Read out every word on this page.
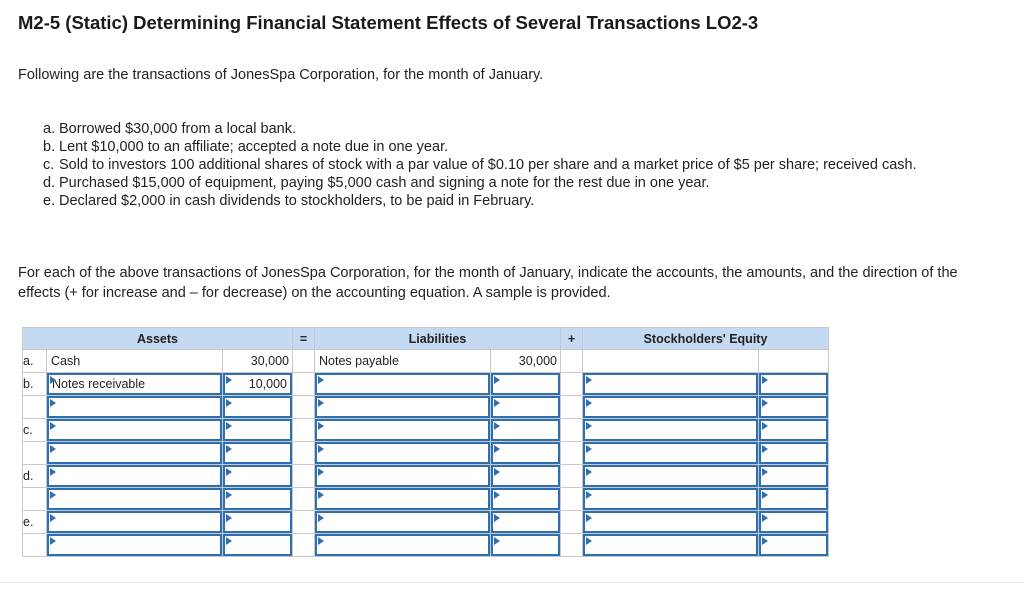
M2-5 (Static) Determining Financial Statement Effects of Several Transactions LO2-3

Following are the transactions of JonesSpa Corporation, for the month of January.

a. Borrowed $30,000 from a local bank.
b. Lent $10,000 to an affiliate; accepted a note due in one year.
c. Sold to investors 100 additional shares of stock with a par value of $0.10 per share and a market price of $5 per share; received cash.
d. Purchased $15,000 of equipment, paying $5,000 cash and signing a note for the rest due in one year.
e. Declared $2,000 in cash dividends to stockholders, to be paid in February.

For each of the above transactions of JonesSpa Corporation, for the month of January, indicate the accounts, the amounts, and the direction of the effects (+ for increase and – for decrease) on the accounting equation. A sample is provided.

Assets			=	Liabilities		+	Stockholders' Equity	
a.	Cash	30,000		Notes payable	30,000			

b.	Notes receivable	10,000						

c.	

d.	

e.	
